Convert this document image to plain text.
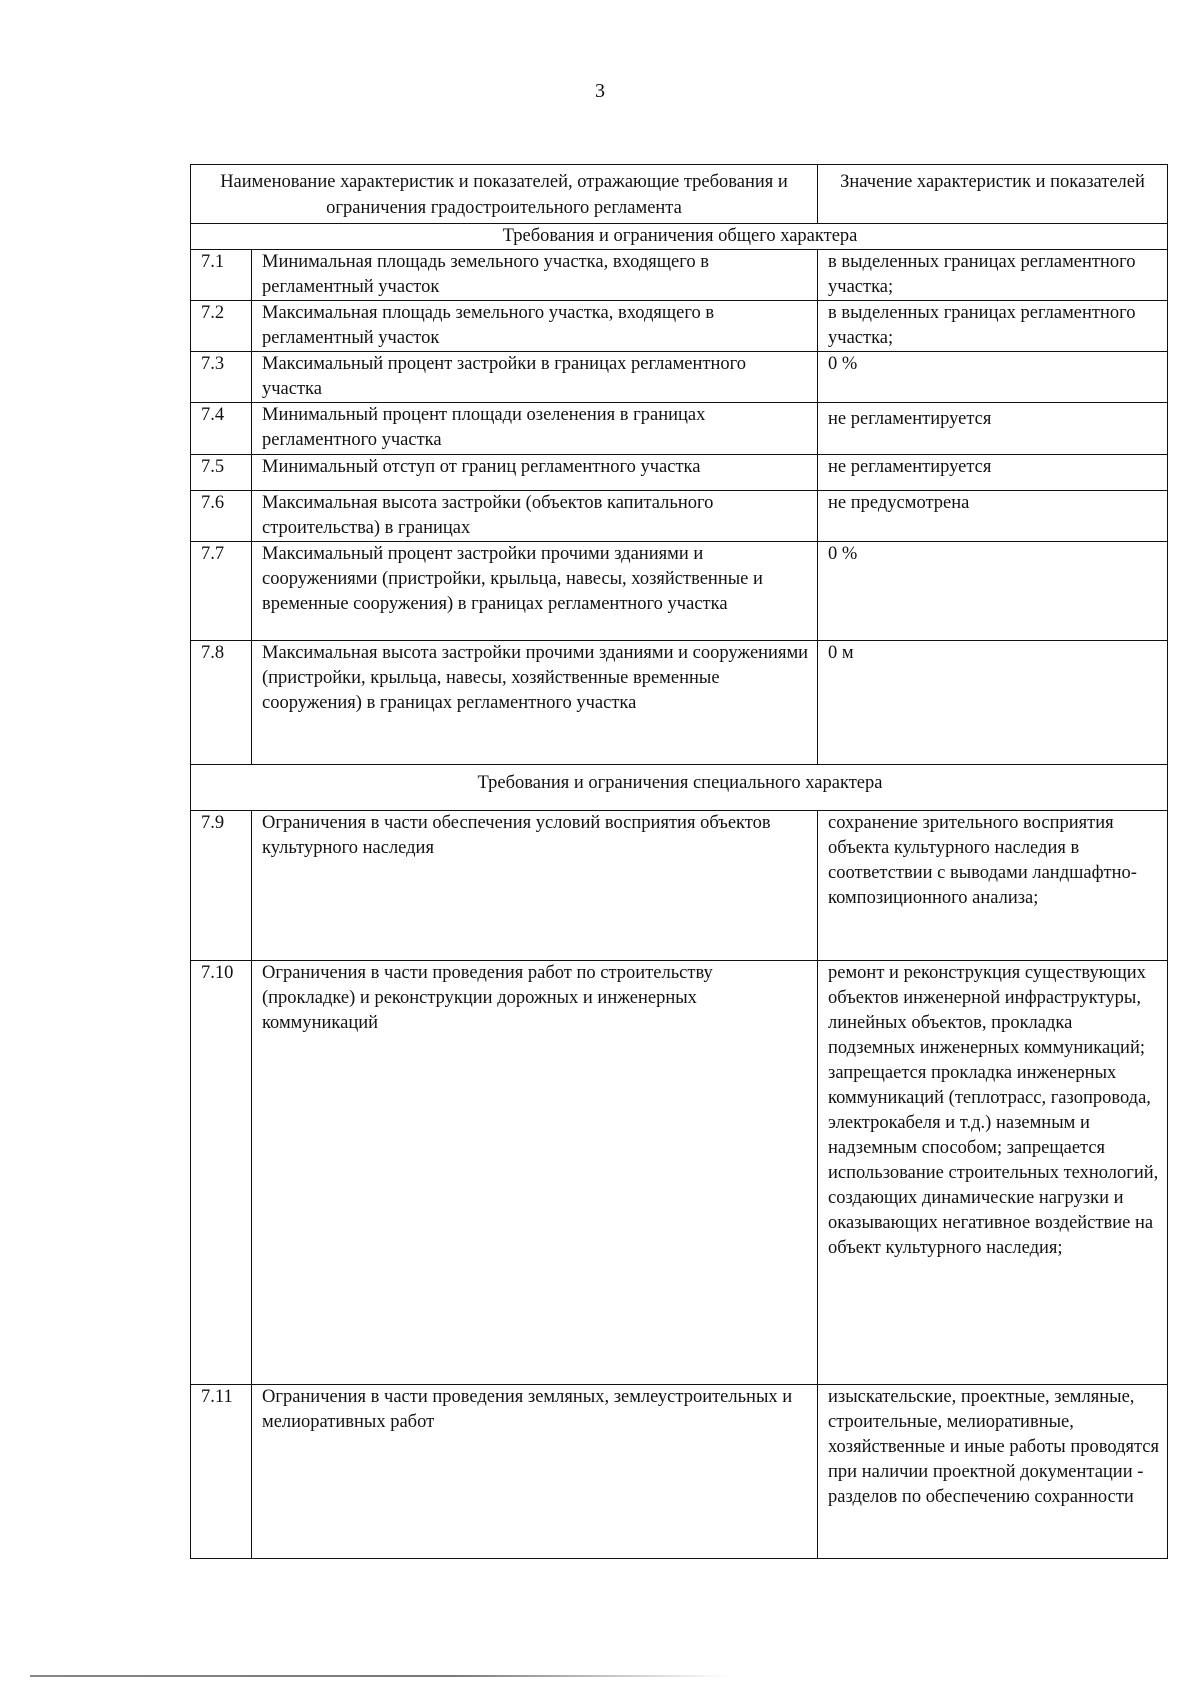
3
Наименование характеристик и показателей, отражающие требования и ограничения градостроительного регламента		Значение характеристик и показателей
Требования и ограничения общего характера		
7.1	Минимальная площадь земельного участка, входящего в регламентный участок	в выделенных границах регламентного участка;
7.2	Максимальная площадь земельного участка, входящего в регламентный участок	в выделенных границах регламентного участка;
7.3	Максимальный процент застройки в границах регламентного участка	0 %
7.4	Минимальный процент площади озеленения в границах регламентного участка	не регламентируется
7.5	Минимальный отступ от границ регламентного участка	не регламентируется
7.6	Максимальная высота застройки (объектов капитального строительства) в границах	не предусмотрена
7.7	Максимальный процент застройки прочими зданиями и сооружениями (пристройки, крыльца, навесы, хозяйственные и временные сооружения) в границах регламентного участка	0 %
7.8	Максимальная высота застройки прочими зданиями и сооружениями (пристройки, крыльца, навесы, хозяйственные временные сооружения) в границах регламентного участка	0 м
Требования и ограничения специального характера		
7.9	Ограничения в части обеспечения условий восприятия объектов культурного наследия	сохранение зрительного восприятия объекта культурного наследия в соответствии с выводами ландшафтно-композиционного анализа;
7.10	Ограничения в части проведения работ по строительству (прокладке) и реконструкции дорожных и инженерных коммуникаций	ремонт и реконструкция существующих объектов инженерной инфраструктуры, линейных объектов, прокладка подземных инженерных коммуникаций; запрещается прокладка инженерных коммуникаций (теплотрасс, газопровода, электрокабеля и т.д.) наземным и надземным способом; запрещается использование строительных технологий, создающих динамические нагрузки и оказывающих негативное воздействие на объект культурного наследия;
7.11	Ограничения в части проведения земляных, землеустроительных и мелиоративных работ	изыскательские, проектные, земляные, строительные, мелиоративные, хозяйственные и иные работы проводятся при наличии проектной документации - разделов по обеспечению сохранности
